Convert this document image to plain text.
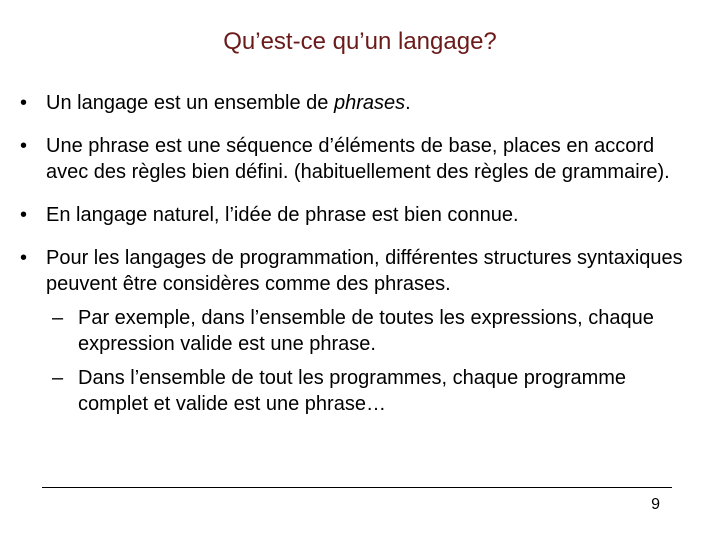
Qu’est-ce qu’un langage?
• Un langage est un ensemble de phrases.
• Une phrase est une séquence d’éléments de base, places en accord avec des règles bien défini. (habituellement des règles de grammaire).
• En langage naturel, l’idée de phrase est bien connue.
• Pour les langages de programmation, différentes structures syntaxiques peuvent être considères comme des phrases.
– Par exemple, dans l’ensemble de toutes les expressions, chaque expression valide est une phrase.
– Dans l’ensemble de tout les programmes, chaque programme complet et valide est une phrase…
9
